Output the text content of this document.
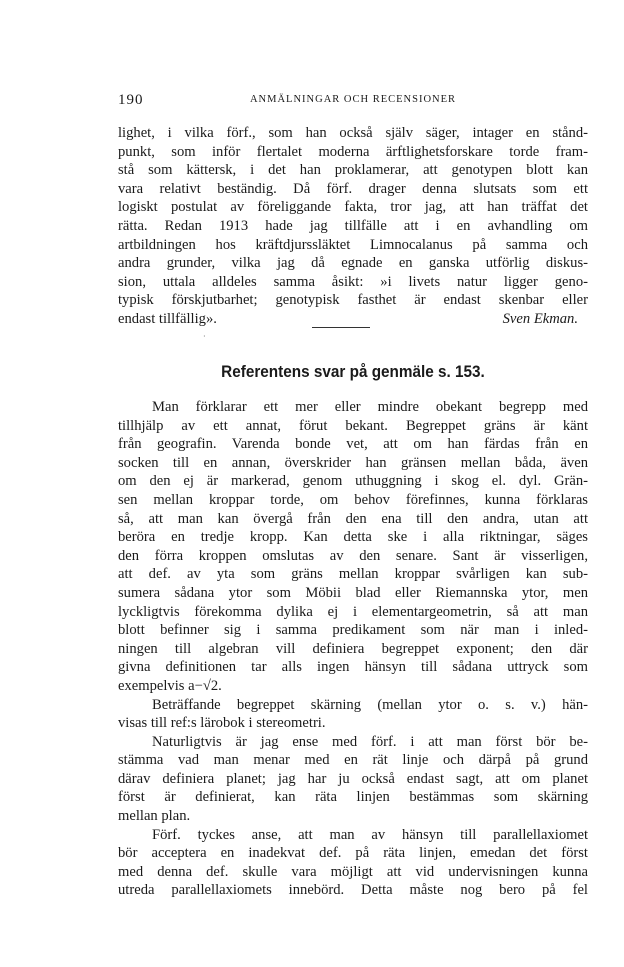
190	ANMÄLNINGAR OCH RECENSIONER
lighet, i vilka förf., som han också själv säger, intager en stånd-
punkt, som inför flertalet moderna ärftlighetsforskare torde fram-
stå som kättersk, i det han proklamerar, att genotypen blott kan
vara relativt beständig. Då förf. drager denna slutsats som ett
logiskt postulat av föreliggande fakta, tror jag, att han träffat det
rätta. Redan 1913 hade jag tillfälle att i en avhandling om
artbildningen hos kräftdjurssläktet Limnocalanus på samma och
andra grunder, vilka jag då egnade en ganska utförlig diskus-
sion, uttala alldeles samma åsikt: »i livets natur ligger geno-
typisk förskjutbarhet; genotypisk fasthet är endast skenbar eller
endast tillfällig».	Sven Ekman.
·
Referentens svar på genmäle s. 153.
Man förklarar ett mer eller mindre obekant begrepp med
tillhjälp av ett annat, förut bekant. Begreppet gräns är känt
från geografin. Varenda bonde vet, att om han färdas från en
socken till en annan, överskrider han gränsen mellan båda, även
om den ej är markerad, genom uthuggning i skog el. dyl. Grän-
sen mellan kroppar torde, om behov förefinnes, kunna förklaras
så, att man kan övergå från den ena till den andra, utan att
beröra en tredje kropp. Kan detta ske i alla riktningar, säges
den förra kroppen omslutas av den senare. Sant är visserligen,
att def. av yta som gräns mellan kroppar svårligen kan sub-
sumera sådana ytor som Möbii blad eller Riemannska ytor, men
lyckligtvis förekomma dylika ej i elementargeometrin, så att man
blott befinner sig i samma predikament som när man i inled-
ningen till algebran vill definiera begreppet exponent; den där
givna definitionen tar alls ingen hänsyn till sådana uttryck som
exempelvis a−√2.
Beträffande begreppet skärning (mellan ytor o. s. v.) hän-
visas till ref:s lärobok i stereometri.
Naturligtvis är jag ense med förf. i att man först bör be-
stämma vad man menar med en rät linje och därpå på grund
därav definiera planet; jag har ju också endast sagt, att om planet
först är definierat, kan räta linjen bestämmas som skärning
mellan plan.
Förf. tyckes anse, att man av hänsyn till parallellaxiomet
bör acceptera en inadekvat def. på räta linjen, emedan det först
med denna def. skulle vara möjligt att vid undervisningen kunna
utreda parallellaxiomets innebörd. Detta måste nog bero på fel
